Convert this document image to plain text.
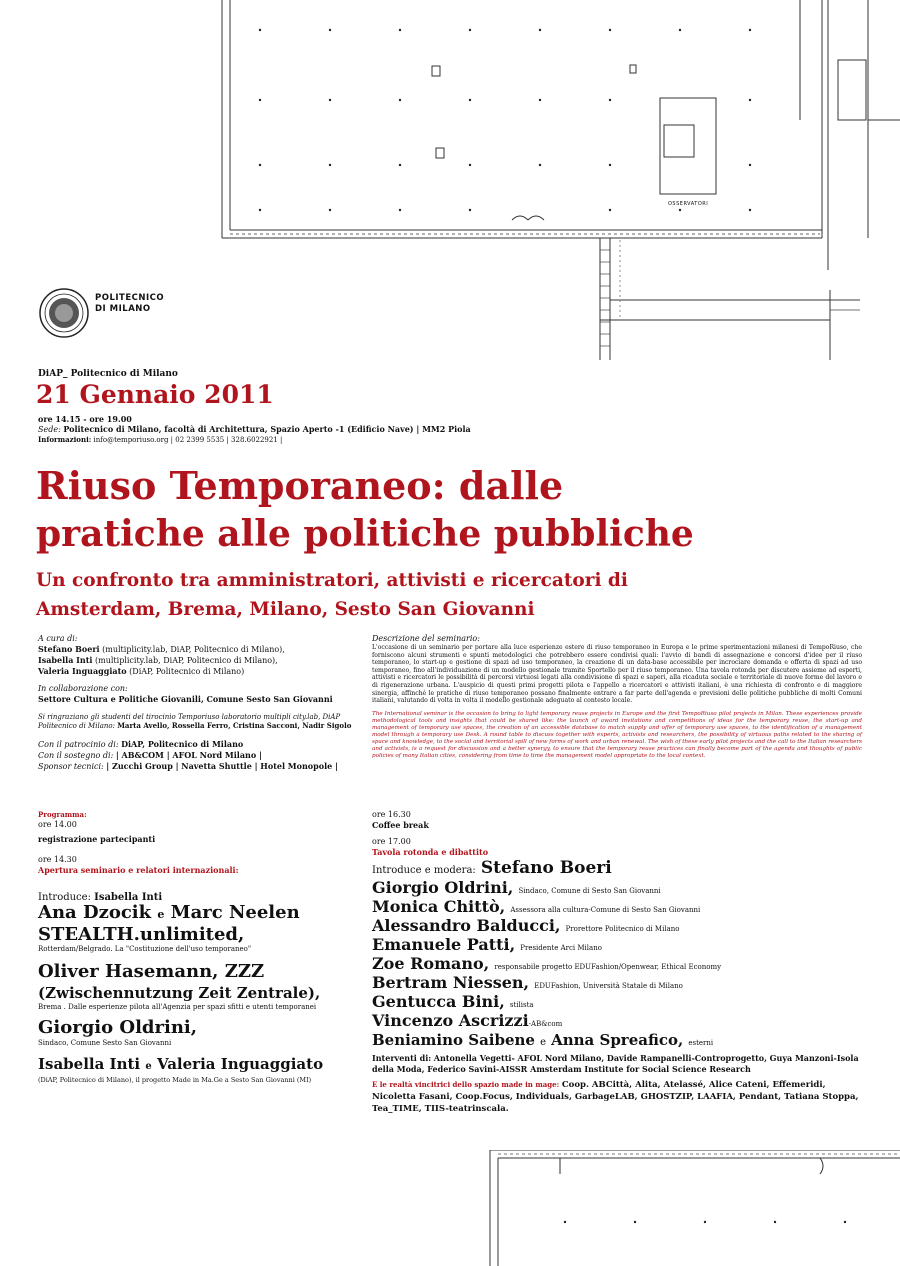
OSSERVATORI
POLITECNICO
DI MILANO
DiAP_ Politecnico di Milano
21 Gennaio 2011
ore 14.15 - ore 19.00
Sede: Politecnico di Milano, facoltà di Architettura, Spazio Aperto -1 (Edificio Nave) | MM2 Piola
Informazioni: info@temporiuso.org | 02 2399 5535 | 328.6022921 |
Riuso Temporaneo: dalle
pratiche alle politiche pubbliche
Un confronto tra amministratori, attivisti e ricercatori di
Amsterdam, Brema, Milano, Sesto San Giovanni
A cura di:
Stefano Boeri (multiplicity.lab, DiAP, Politecnico di Milano),
Isabella Inti (multiplicity.lab, DiAP, Politecnico di Milano),
Valeria Inguaggiato (DiAP, Politecnico di Milano)
In collaborazione con:
Settore Cultura e Politiche Giovanili, Comune Sesto San Giovanni
Si ringraziano gli studenti del tirocinio Temporiuso laboratorio multipli city.lab, DiAP Politecnico di Milano: Marta Avello, Rossella Ferro, Cristina Sacconi, Nadir Sigolo
Con il patrocinio di: DiAP, Politecnico di Milano
Con il sostegno di: | AB&COM | AFOL Nord Milano |
Sponsor tecnici: | Zucchi Group | Navetta Shuttle | Hotel Monopole |
Programma:
ore 14.00
registrazione partecipanti
ore 14.30
Apertura seminario e relatori internazionali:
Introduce: Isabella Inti
Ana Dzocik e Marc Neelen
STEALTH.unlimited,
Rotterdam/Belgrado. La "Costituzione dell'uso temporaneo"
Oliver Hasemann, ZZZ
(Zwischennutzung Zeit Zentrale),
Brema . Dalle esperienze pilota all'Agenzia per spazi sfitti e utenti temporanei
Giorgio Oldrini,
Sindaco, Comune Sesto San Giovanni
Isabella Inti e Valeria Inguaggiato
(DiAP, Politecnico di Milano), il progetto Made in Ma.Ge a Sesto San Giovanni (MI)
Descrizione del seminario:
L'occasione di un seminario per portare alla luce esperienze estere di riuso temporaneo in Europa e le prime sperimentazioni milanesi di TempoRiuso, che forniscono alcuni strumenti e spunti metodologici che potrebbero essere condivisi quali: l'avvio di bandi di assegnazione e concorsi d'idee per il riuso temporaneo, lo start-up e gestione di spazi ad uso temporaneo, la creazione di un data-base accessibile per incrociare domanda e offerta di spazi ad uso temporaneo, fino all'individuazione di un modello gestionale tramite Sportello per il riuso temporaneo. Una tavola rotonda per discutere assieme ad esperti, attivisti e ricercatori le possibilità di percorsi virtuosi legati alla condivisione di spazi e saperi, alla ricaduta sociale e territoriale di nuove forme del lavoro e di rigenerazione urbana. L'auspicio di questi primi progetti pilota e l'appello a ricercatori e attivisti italiani, è una richiesta di confronto e di maggiore sinergia, affinché le pratiche di riuso temporaneo possano finalmente entrare a far parte dell'agenda e previsioni delle politiche pubbliche di molti Comuni italiani, valutando di volta in volta il modello gestionale adeguato al contesto locale.
The International seminar is the occasion to bring to light temporary reuse projects in Europe and the first TempoRiuso pilot projects in Milan. These experiences provide methodological tools and insights that could be shared like: the launch of award invitations and competitions of ideas for the temporary reuse, the start-up and management of temporary use spaces, the creation of an accessible database to match supply and offer of temporary use spaces, to the identification of a management model through a temporary use Desk. A round table to discuss together with experts, activists and researchers, the possibility of virtuous paths related to the sharing of space and knowledge, to the social and territorial spill of new forms of work and urban renewal. The wish of these early pilot projects and the call to the Italian researchers and activists, is a request for discussion and a better synergy, to ensure that the temporary reuse practices can finally become part of the agenda and thoughts of public policies of many Italian cities, considering from time to time the management model appropriate to the local context.
ore 16.30
Coffee break
ore 17.00
Tavola rotonda e dibattito
Introduce e modera: Stefano Boeri
Giorgio Oldrini, Sindaco, Comune di Sesto San Giovanni
Monica Chittò, Assessora alla cultura-Comune di Sesto San Giovanni
Alessandro Balducci, Prorettore Politecnico di Milano
Emanuele Patti, Presidente Arci Milano
Zoe Romano, responsabile progetto EDUFashion/Openwear, Ethical Economy
Bertram Niessen, EDUFashion, Università Statale di Milano
Gentucca Bini, stilista
Vincenzo Ascrizzi-AB&com
Beniamino Saibene e Anna Spreafico, esterni
Interventi di: Antonella Vegetti- AFOL Nord Milano, Davide Rampanelli-Controprogetto, Guya Manzoni-Isola della Moda, Federico Savini-AISSR Amsterdam Institute for Social Science Research
E le realtà vincitrici dello spazio made in mage: Coop. ABCittà, Alita, Atelassé, Alice Cateni, Effemeridi, Nicoletta Fasani, Coop.Focus, Individuals, GarbageLAB, GHOSTZIP, LAAFIA, Pendant, Tatiana Stoppa, Tea_TIME, TIIS-teatrinscala.
